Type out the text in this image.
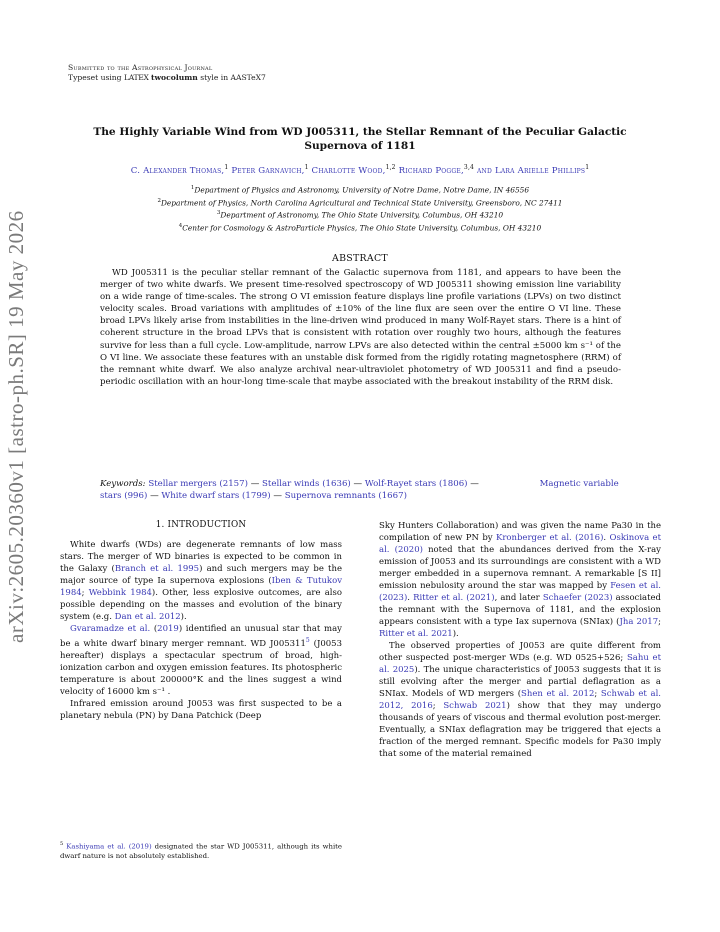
arXiv:2605.20360v1 [astro-ph.SR] 19 May 2026
Submitted to the Astrophysical Journal
Typeset using LATEX twocolumn style in AASTeX7
The Highly Variable Wind from WD J005311, the Stellar Remnant of the Peculiar Galactic Supernova of 1181
C. Alexander Thomas,$^1$ Peter Garnavich,$^1$ Charlotte Wood,$^{1,2}$ Richard Pogge,$^{3,4}$ and Lara Arielle Phillips$^1$
$^1$Department of Physics and Astronomy, University of Notre Dame, Notre Dame, IN 46556
$^2$Department of Physics, North Carolina Agricultural and Technical State University, Greensboro, NC 27411
$^3$Department of Astronomy, The Ohio State University, Columbus, OH 43210
$^4$Center for Cosmology & AstroParticle Physics, The Ohio State University, Columbus, OH 43210
ABSTRACT
WD J005311 is the peculiar stellar remnant of the Galactic supernova from 1181, and appears to have been the merger of two white dwarfs. We present time-resolved spectroscopy of WD J005311 showing emission line variability on a wide range of time-scales. The strong O VI emission feature displays line profile variations (LPVs) on two distinct velocity scales. Broad variations with amplitudes of ±10% of the line flux are seen over the entire O VI line. These broad LPVs likely arise from instabilities in the line-driven wind produced in many Wolf-Rayet stars. There is a hint of coherent structure in the broad LPVs that is consistent with rotation over roughly two hours, although the features survive for less than a full cycle. Low-amplitude, narrow LPVs are also detected within the central ±5000 km s⁻¹ of the O VI line. We associate these features with an unstable disk formed from the rigidly rotating magnetosphere (RRM) of the remnant white dwarf. We also analyze archival near-ultraviolet photometry of WD J005311 and find a pseudo-periodic oscillation with an hour-long time-scale that maybe associated with the breakout instability of the RRM disk.
Keywords: Stellar mergers (2157) — Stellar winds (1636) — Wolf-Rayet stars (1806) —	Magnetic variable stars (996) — White dwarf stars (1799) — Supernova remnants (1667)
1. INTRODUCTION

White dwarfs (WDs) are degenerate remnants of low mass stars. The merger of WD binaries is expected to be common in the Galaxy (Branch et al. 1995) and such mergers may be the major source of type Ia supernova explosions (Iben & Tutukov 1984; Webbink 1984). Other, less explosive outcomes, are also possible depending on the masses and evolution of the binary system (e.g. Dan et al. 2012).

Gvaramadze et al. (2019) identified an unusual star that may be a white dwarf binary merger remnant. WD J005311$^5$ (J0053 hereafter) displays a spectacular spectrum of broad, high-ionization carbon and oxygen emission features. Its photospheric temperature is about 200000°K and the lines suggest a wind velocity of 16000 km s⁻¹ .

Infrared emission around J0053 was first suspected to be a planetary nebula (PN) by Dana Patchick (Deep

Sky Hunters Collaboration) and was given the name Pa30 in the compilation of new PN by Kronberger et al. (2016). Oskinova et al. (2020) noted that the abundances derived from the X-ray emission of J0053 and its surroundings are consistent with a WD merger embedded in a supernova remnant. A remarkable [S II] emission nebulosity around the star was mapped by Fesen et al. (2023). Ritter et al. (2021), and later Schaefer (2023) associated the remnant with the Supernova of 1181, and the explosion appears consistent with a type Iax supernova (SNIax) (Jha 2017; Ritter et al. 2021).

The observed properties of J0053 are quite different from other suspected post-merger WDs (e.g. WD 0525+526; Sahu et al. 2025). The unique characteristics of J0053 suggests that it is still evolving after the merger and partial deflagration as a SNIax. Models of WD mergers (Shen et al. 2012; Schwab et al. 2012, 2016; Schwab 2021) show that they may undergo thousands of years of viscous and thermal evolution post-merger. Eventually, a SNIax deflagration may be triggered that ejects a fraction of the merged remnant. Specific models for Pa30 imply that some of the material remained

$^5$ Kashiyama et al. (2019) designated the star WD J005311, although its white dwarf nature is not absolutely established.
